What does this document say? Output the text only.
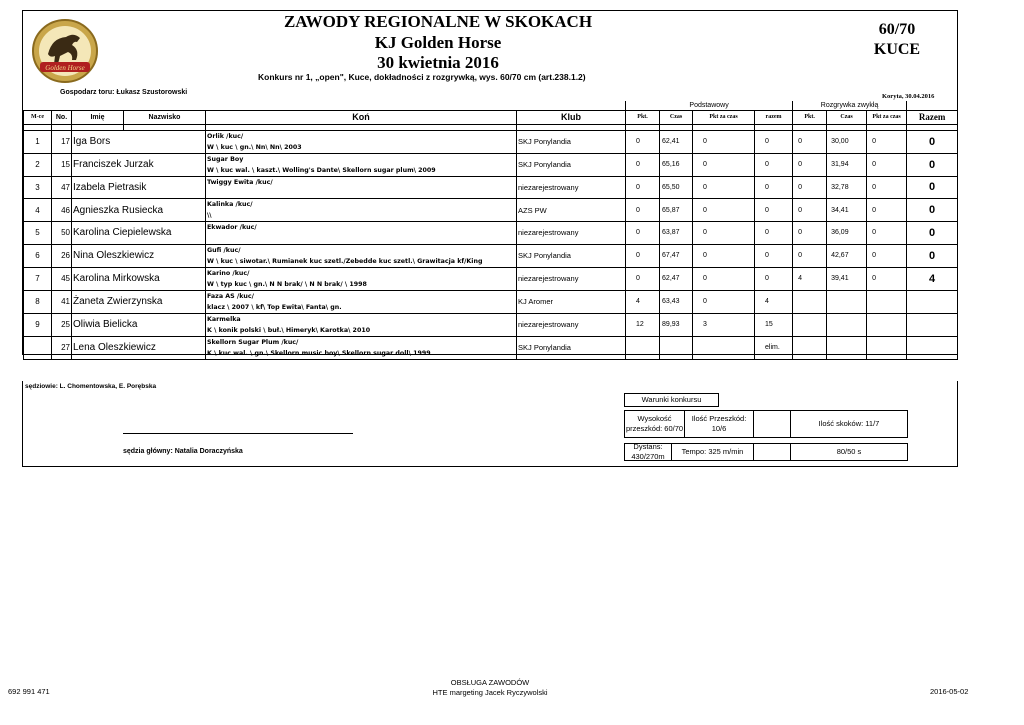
Golden Horse
ZAWODY REGIONALNE W SKOKACH
KJ Golden Horse
30 kwietnia 2016
Konkurs nr 1, „open", Kuce, dokładności z rozgrywką, wys. 60/70 cm (art.238.1.2)
60/70
KUCE
Gospodarz toru: Łukasz Szustorowski
Koryta, 30.04.2016
						Podstawowy				Rozgrywka zwykłą			
M-ce	No.	Imię	Nazwisko	Koń	Klub	Pkt.	Czas	Pkt za czas	razem	Pkt.	Czas	Pkt za czas	Razem

1	17	Iga Bors		Orlik /kuc/
W \ kuc \ gn.\ Nn\ Nn\ 2003	SKJ Ponylandia	0	62,41	0	0	0	30,00	0	0
2	15	Franciszek Jurzak		Sugar Boy
W \ kuc wal. \ kaszt.\ Wolling's Dante\ Skellorn sugar plum\ 2009	SKJ Ponylandia	0	65,16	0	0	0	31,94	0	0
3	47	Izabela Pietrasik		Twiggy Ewita /kuc/	niezarejestrowany	0	65,50	0	0	0	32,78	0	0
4	46	Agnieszka Rusiecka		Kalinka /kuc/
\\	AZS PW	0	65,87	0	0	0	34,41	0	0
5	50	Karolina Ciepielewska		Ekwador /kuc/	niezarejestrowany	0	63,87	0	0	0	36,09	0	0
6	26	Nina Oleszkiewicz		Gufi /kuc/
W \ kuc \ siwotar.\ Rumianek kuc szetl./Zebedde kuc szetl.\ Grawitacja kf/King	SKJ Ponylandia	0	67,47	0	0	0	42,67	0	0
7	45	Karolina Mirkowska		Karino /kuc/
W \ typ kuc \ gn.\ N N brak/ \ N N brak/ \ 1998	niezarejestrowany	0	62,47	0	0	4	39,41	0	4
8	41	Żaneta Zwierzynska		Faza AS /kuc/
klacz \ 2007 \ kf\ Top Ewita\ Fanta\ gn.	KJ Aromer	4	63,43	0	4				
9	25	Oliwia Bielicka		Karmelka
K \ konik polski \ buł.\ Himeryk\ Karotka\ 2010	niezarejestrowany	12	89,93	3	15				
	27	Lena Oleszkiewicz		Skellorn Sugar Plum /kuc/
K \ kuc wal. \ gn.\ Skellorn music boy\ Skellorn sugar doll\ 1999	SKJ Ponylandia				elim.				
sędziowie: L. Chomentowska, E. Porębska
sędzia główny: Natalia Doraczyńska
Warunki konkursu
Wysokość przeszkód: 60/70
Ilość Przeszkód: 10/6
Ilość skoków: 11/7
Dystans: 430/270m
Tempo: 325 m/min	80/50 s
692 991 471
OBSŁUGA ZAWODÓW
HTE margeting Jacek Ryczywolski	2016-05-02
